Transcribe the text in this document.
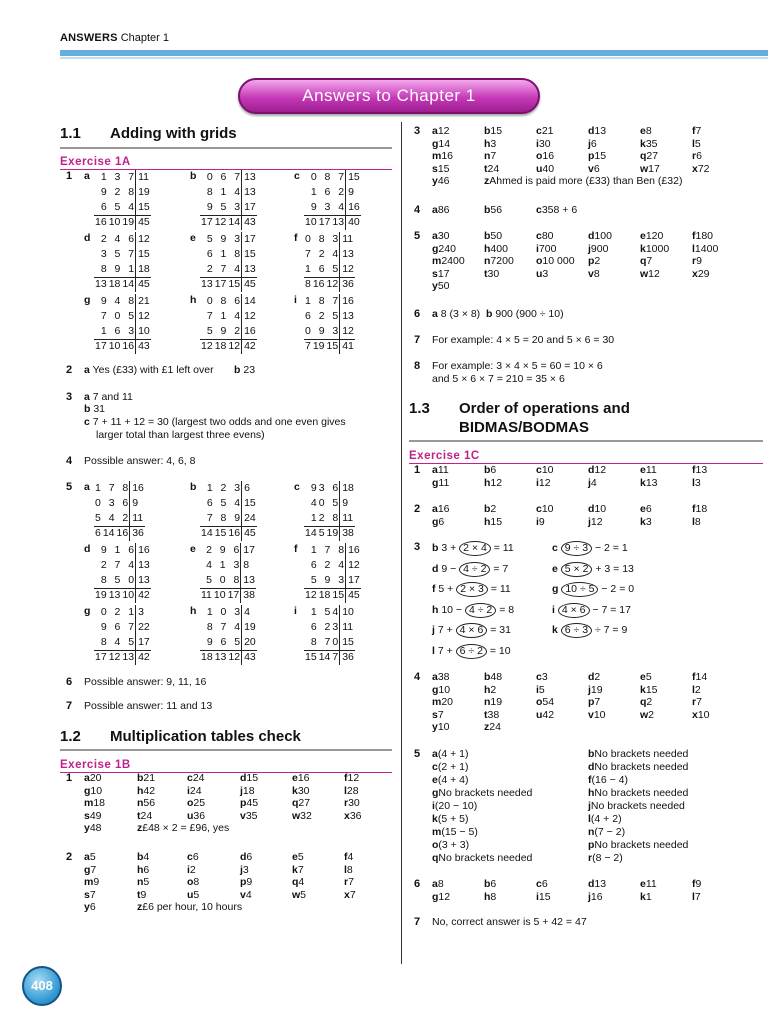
ANSWERS Chapter 1
Answers to Chapter 1
1.1 Adding with grids
Exercise 1A
1 a 1	3	7	11
9	2	8	19
6	5	4	15
16	10	19	45
b 0	6	7	13
8	1	4	13
9	5	3	17
17	12	14	43
c 0	8	7	15
1	6	2	9
9	3	4	16
10	17	13	40
d 2	4	6	12
3	5	7	15
8	9	1	18
13	18	14	45
e 5	9	3	17
6	1	8	15
2	7	4	13
13	17	15	45
f 0	8	3	11
7	2	4	13
1	6	5	12
8	16	12	36
g 9	4	8	21
7	0	5	12
1	6	3	10
17	10	16	43
h 0	8	6	14
7	1	4	12
5	9	2	16
12	18	12	42
i 1	8	7	16
6	2	5	13
0	9	3	12
7	19	15	41
2 a Yes (£33) with £1 left over b 23
3 a 7 and 11
b 31
c 7 + 11 + 12 = 30 (largest two odds and one even gives
larger total than largest three evens)
4 Possible answer: 4, 6, 8
5 a 1	7	8	16
0	3	6	9
5	4	2	11
6	14	16	36
b 1	2	3	6
6	5	4	15
7	8	9	24
14	15	16	45
c 9	3	6	18
4	0	5	9
1	2	8	11
14	5	19	38
d 9	1	6	16
2	7	4	13
8	5	0	13
19	13	10	42
e 2	9	6	17
4	1	3	8
5	0	8	13
11	10	17	38
f 1	7	8	16
6	2	4	12
5	9	3	17
12	18	15	45
g 0	2	1	3
9	6	7	22
8	4	5	17
17	12	13	42
h 1	0	3	4
8	7	4	19
9	6	5	20
18	13	12	43
i 1	5	4	10
6	2	3	11
8	7	0	15
15	14	7	36
6 Possible answer: 9, 11, 16
7 Possible answer: 11 and 13
1.2 Multiplication tables check
Exercise 1B
1 a 20	b 21	c 24	d 15	e 16	f 12
g 10	h 42	i 24	j 18	k 30	l 28
m 18	n 56	o 25	p 45	q 27	r 30
s 49	t 24	u 36	v 35	w 32	x 36
y 48	z £48 × 2 = £96, yes
2 a 5	b 4	c 6	d 6	e 5	f 4
g 7	h 6	i 2	j 3	k 7	l 8
m 9	n 5	o 8	p 9	q 4	r 7
s 7	t 9	u 5	v 4	w 5	x 7
y 6	z £6 per hour, 10 hours
3 a 12	b 15	c 21	d 13	e 8	f 7
g 14	h 3	i 30	j 6	k 35	l 5
m 16	n 7	o 16	p 15	q 27	r 6
s 15	t 24	u 40	v 6	w 17	x 72
y 46	z Ahmed is paid more (£33) than Ben (£32)
4 a 86	b 56	c 358 + 6
5 a 30	b 50	c 80	d 100	e 120	f 180
g 240	h 400	i 700	j 900	k 1000 l 1400
m 2400 n 7200 o 10 000 p 2	q 7	r 9
s 17	t 30	u 3	v 8	w 12	x 29
y 50
6 a 8 (3 × 8) b 900 (900 ÷ 10)
7 For example: 4 × 5 = 20 and 5 × 6 = 30
8 For example: 3 × 4 × 5 = 60 = 10 × 6
and 5 × 6 × 7 = 210 = 35 × 6
1.3 Order of operations and
BIDMAS/BODMAS
Exercise 1C
1 a 11	b 6	c 10	d 12	e 11	f 13
g 11	h 12	i 12	j 4	k 13	l 3
2 a 16	b 2	c 10	d 10	e 6	f 18
g 6	h 15	i 9	j 12	k 3	l 8
3 b 3 + 2 × 4 = 11	c 9 ÷ 3 − 2 = 1
d 9 − 4 ÷ 2 = 7	e 5 × 2 + 3 = 13
f 5 + 2 × 3 = 11	g 10 ÷ 5 − 2 = 0
h 10 − 4 ÷ 2 = 8	i 4 × 6 − 7 = 17
j 7 + 4 × 6 = 31	k 6 ÷ 3 ÷ 7 = 9
l 7 + 6 ÷ 2 = 10
4 a 38	b 48	c 3	d 2	e 5	f 14
g 10	h 2	i 5	j 19	k 15	l 2
m 20	n 19	o 54	p 7	q 2	r 7
s 7	t 38	u 42	v 10	w 2	x 10
y 10	z 24
5 a (4 + 1)	b No brackets needed
c (2 + 1)	d No brackets needed
e (4 + 4)	f (16 − 4)
g No brackets needed	h No brackets needed
i (20 − 10)	j No brackets needed
k (5 + 5)	l (4 + 2)
m (15 − 5)	n (7 − 2)
o (3 + 3)	p No brackets needed
q No brackets needed	r (8 − 2)
6 a 8	b 6	c 6	d 13	e 11	f 9
g 12	h 8	i 15	j 16	k 1	l 7
7 No, correct answer is 5 + 42 = 47
408
